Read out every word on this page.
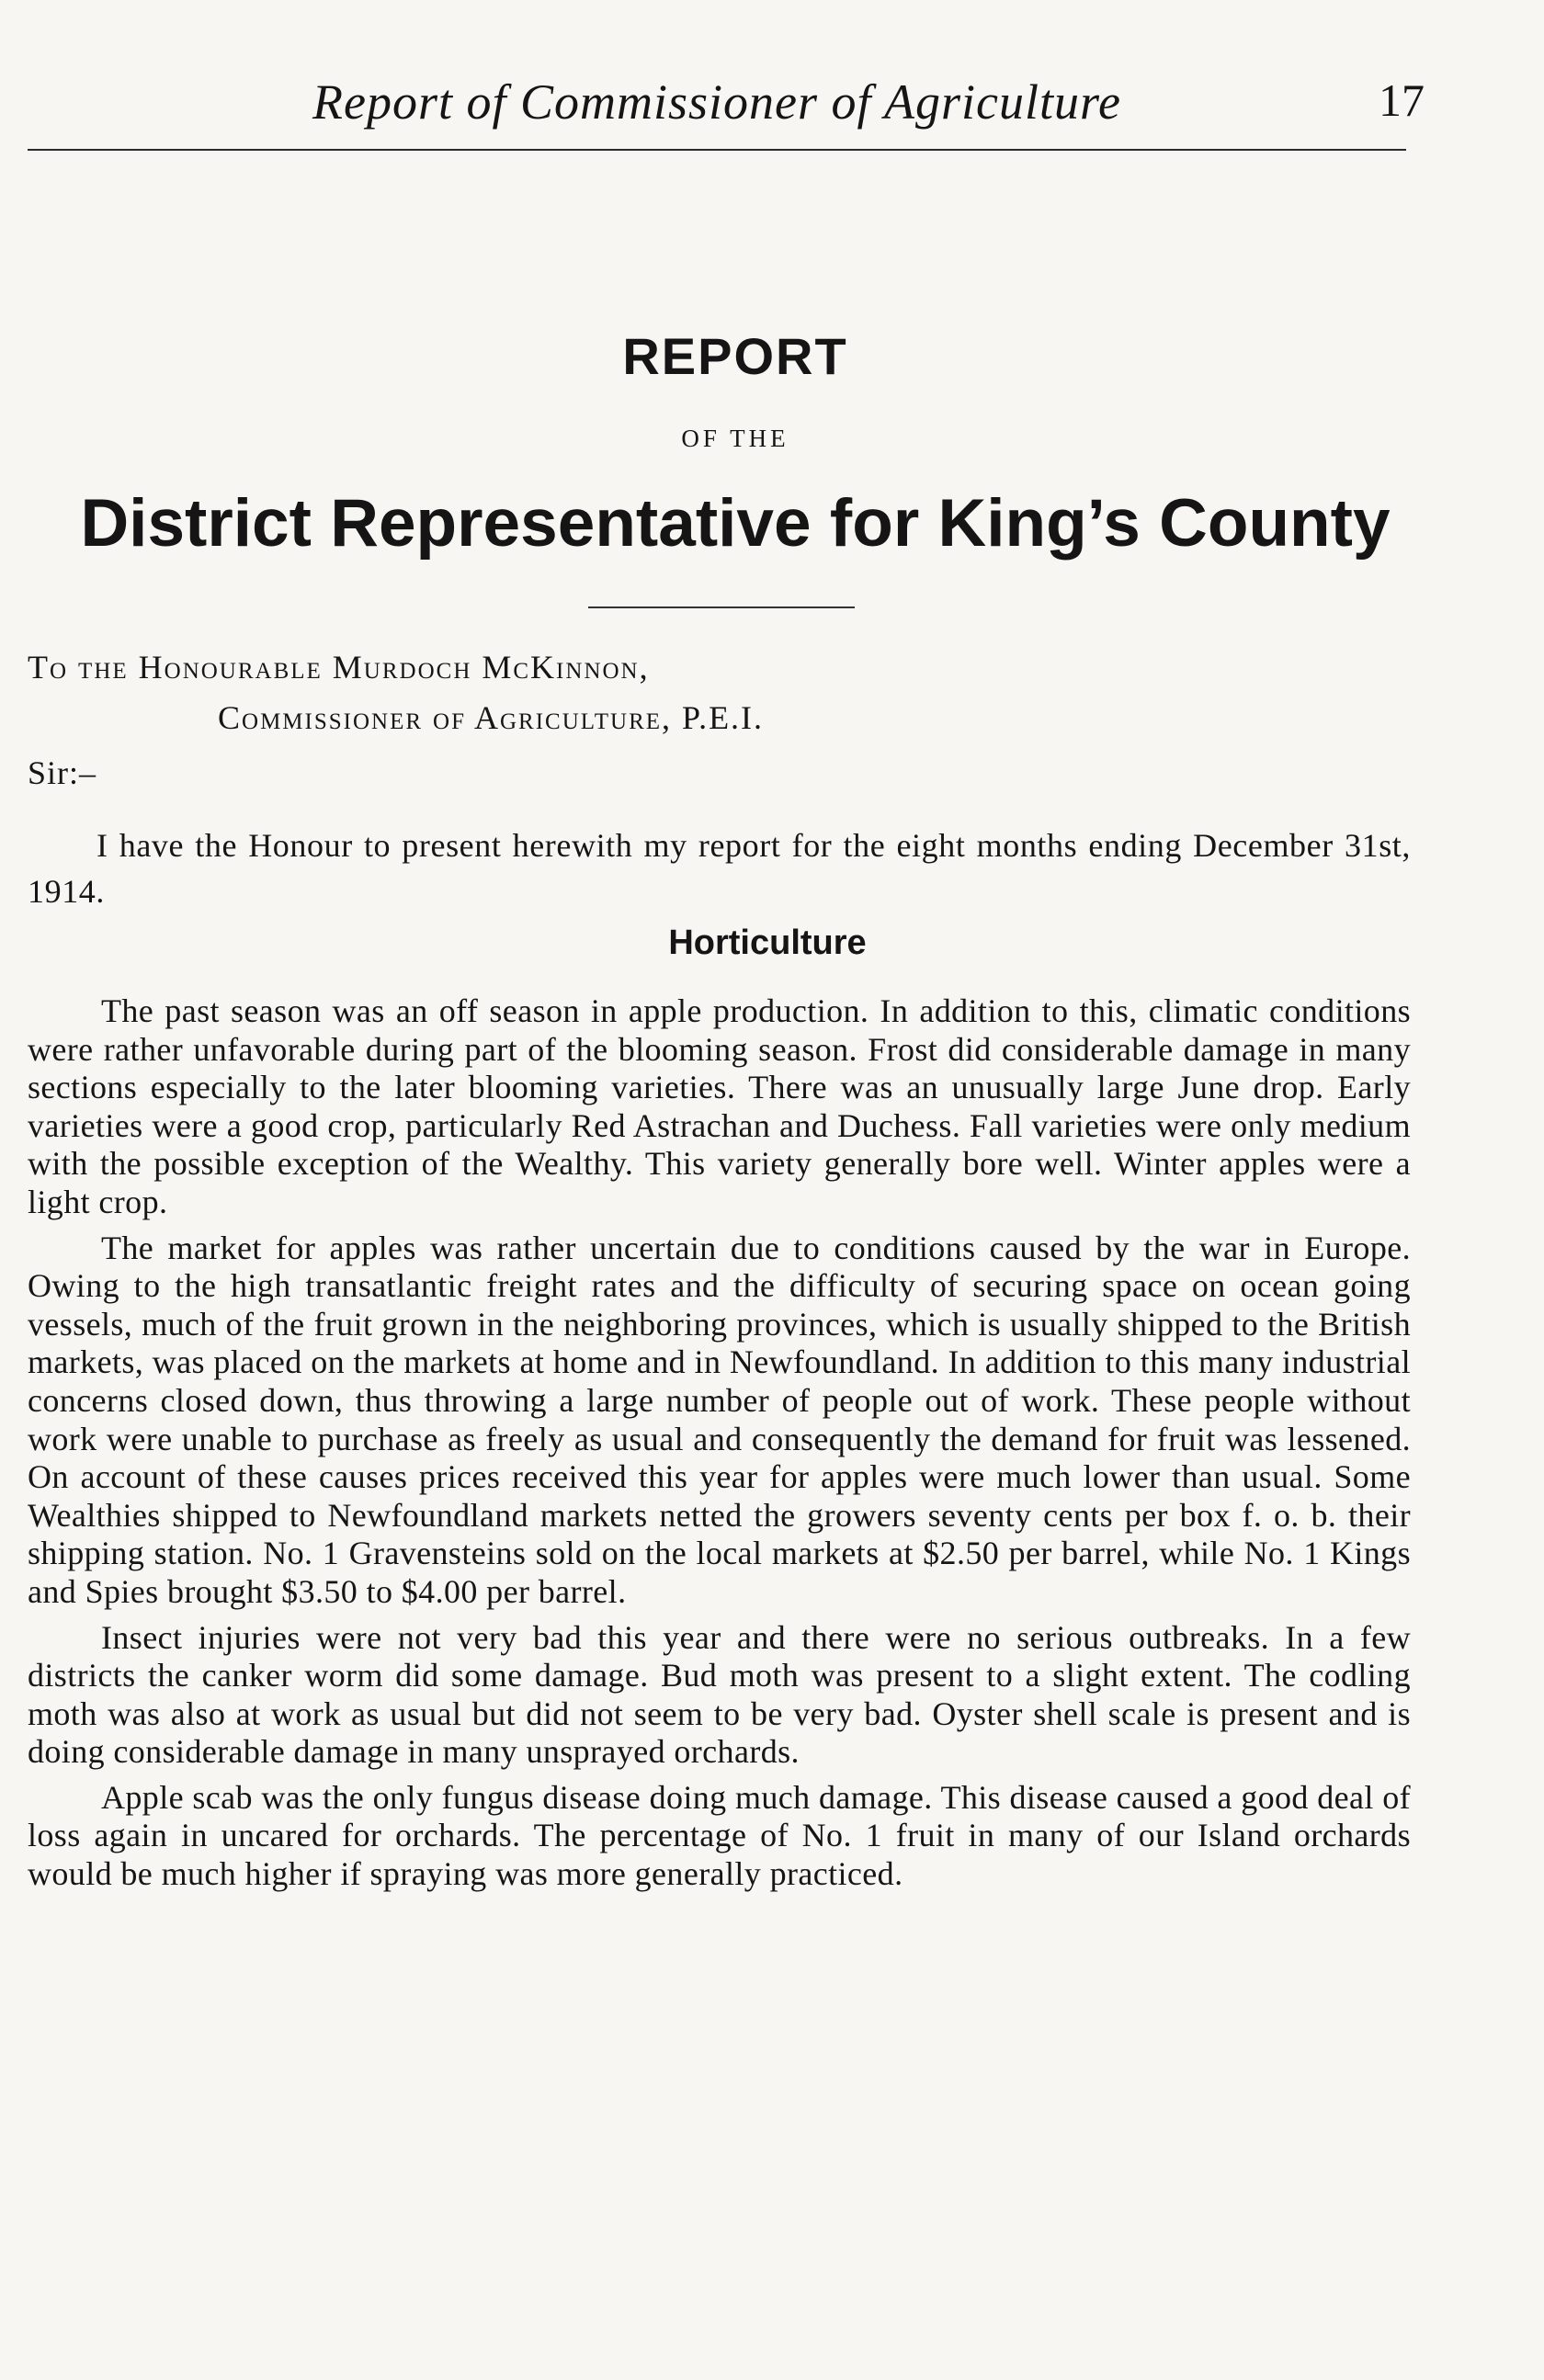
Report of Commissioner of Agriculture	17
REPORT
OF THE
District Representative for King’s County
To the Honourable Murdoch McKinnon,
Commissioner of Agriculture, P.E.I.
Sir:–
I have the Honour to present herewith my report for the eight months ending December 31st, 1914.
Horticulture

The past season was an off season in apple production. In addition to this, climatic conditions were rather unfavorable during part of the blooming season. Frost did considerable damage in many sections especially to the later blooming varieties. There was an unusually large June drop. Early varieties were a good crop, particularly Red Astrachan and Duchess. Fall varieties were only medium with the possible exception of the Wealthy. This variety generally bore well. Winter apples were a light crop.

The market for apples was rather uncertain due to conditions caused by the war in Europe. Owing to the high transatlantic freight rates and the difficulty of securing space on ocean going vessels, much of the fruit grown in the neighboring provinces, which is usually shipped to the British markets, was placed on the markets at home and in Newfoundland. In addition to this many industrial concerns closed down, thus throwing a large number of people out of work. These people without work were unable to purchase as freely as usual and consequently the demand for fruit was lessened. On account of these causes prices received this year for apples were much lower than usual. Some Wealthies shipped to Newfoundland markets netted the growers seventy cents per box f. o. b. their shipping station. No. 1 Gravensteins sold on the local markets at $2.50 per barrel, while No. 1 Kings and Spies brought $3.50 to $4.00 per barrel.

Insect injuries were not very bad this year and there were no serious outbreaks. In a few districts the canker worm did some damage. Bud moth was present to a slight extent. The codling moth was also at work as usual but did not seem to be very bad. Oyster shell scale is present and is doing considerable damage in many unsprayed orchards.

Apple scab was the only fungus disease doing much damage. This disease caused a good deal of loss again in uncared for orchards. The percentage of No. 1 fruit in many of our Island orchards would be much higher if spraying was more generally practiced.
